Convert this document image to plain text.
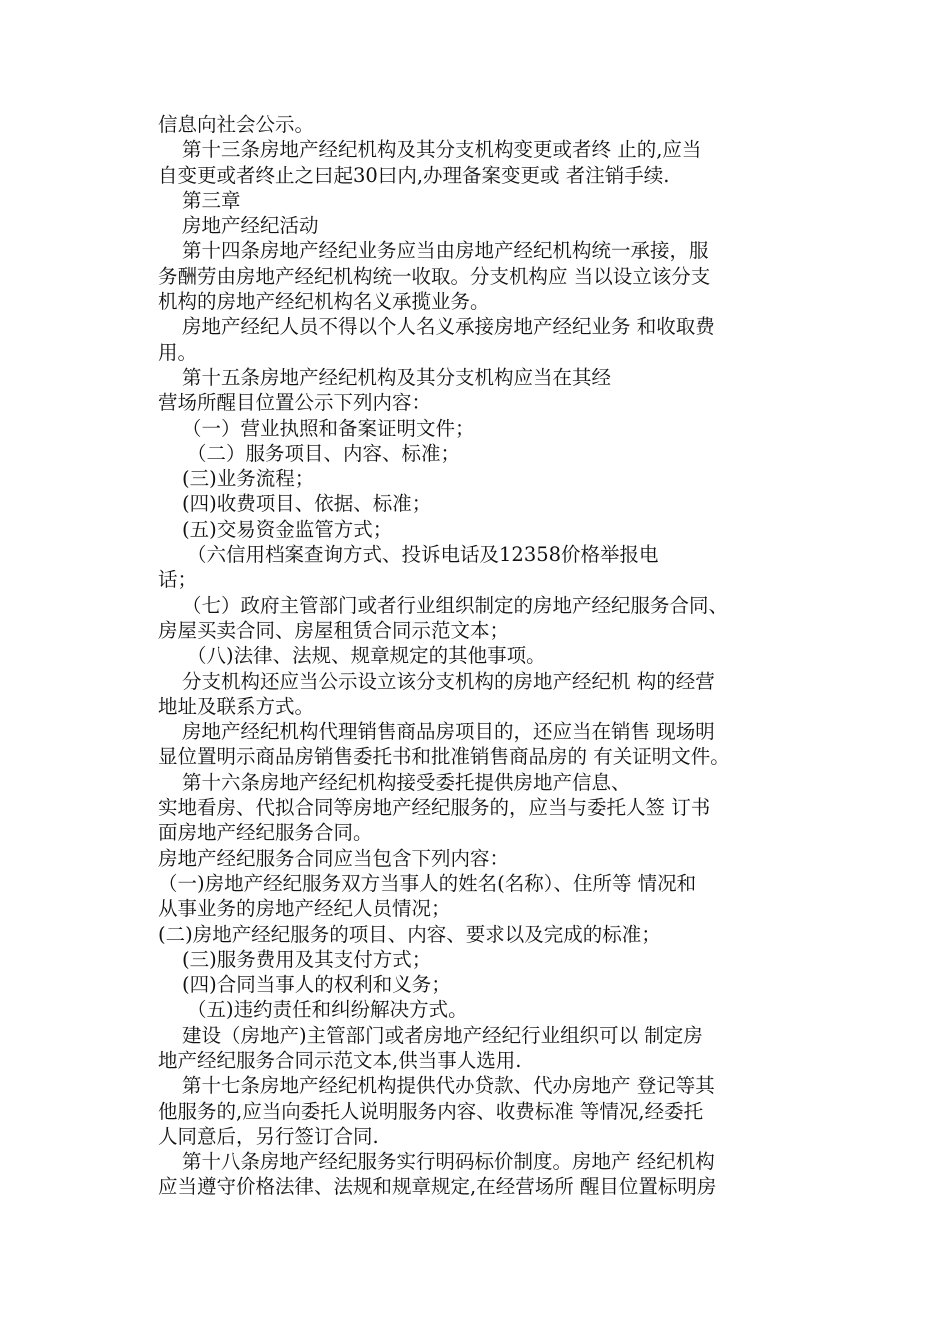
信息向社会公示。
第十三条房地产经纪机构及其分支机构变更或者终 止的,应当
自变更或者终止之曰起30曰内,办理备案变更或 者注销手续.
第三章
房地产经纪活动
第十四条房地产经纪业务应当由房地产经纪机构统一承接，服
务酬劳由房地产经纪机构统一收取。分支机构应 当以设立该分支
机构的房地产经纪机构名义承揽业务。
房地产经纪人员不得以个人名义承接房地产经纪业务 和收取费
用。
第十五条房地产经纪机构及其分支机构应当在其经
营场所醒目位置公示下列内容：
（一）营业执照和备案证明文件；
（二）服务项目、内容、标准；
(三)业务流程；
(四)收费项目、依据、标准；
(五)交易资金监管方式；
（六信用档案查询方式、投诉电话及12358价格举报电
话；
（七）政府主管部门或者行业组织制定的房地产经纪服务合同、
房屋买卖合同、房屋租赁合同示范文本；
（八)法律、法规、规章规定的其他事项。
分支机构还应当公示设立该分支机构的房地产经纪机 构的经营
地址及联系方式。
房地产经纪机构代理销售商品房项目的，还应当在销售 现场明
显位置明示商品房销售委托书和批准销售商品房的 有关证明文件。
第十六条房地产经纪机构接受委托提供房地产信息、
实地看房、代拟合同等房地产经纪服务的，应当与委托人签 订书
面房地产经纪服务合同。
房地产经纪服务合同应当包含下列内容：
（一)房地产经纪服务双方当事人的姓名(名称）、住所等 情况和
从事业务的房地产经纪人员情况；
(二)房地产经纪服务的项目、内容、要求以及完成的标准；
(三)服务费用及其支付方式；
(四)合同当事人的权利和义务；
（五)违约责任和纠纷解决方式。
建设（房地产)主管部门或者房地产经纪行业组织可以 制定房
地产经纪服务合同示范文本,供当事人选用.
第十七条房地产经纪机构提供代办贷款、代办房地产 登记等其
他服务的,应当向委托人说明服务内容、收费标准 等情况,经委托
人同意后，另行签订合同.
第十八条房地产经纪服务实行明码标价制度。房地产 经纪机构
应当遵守价格法律、法规和规章规定,在经营场所 醒目位置标明房
